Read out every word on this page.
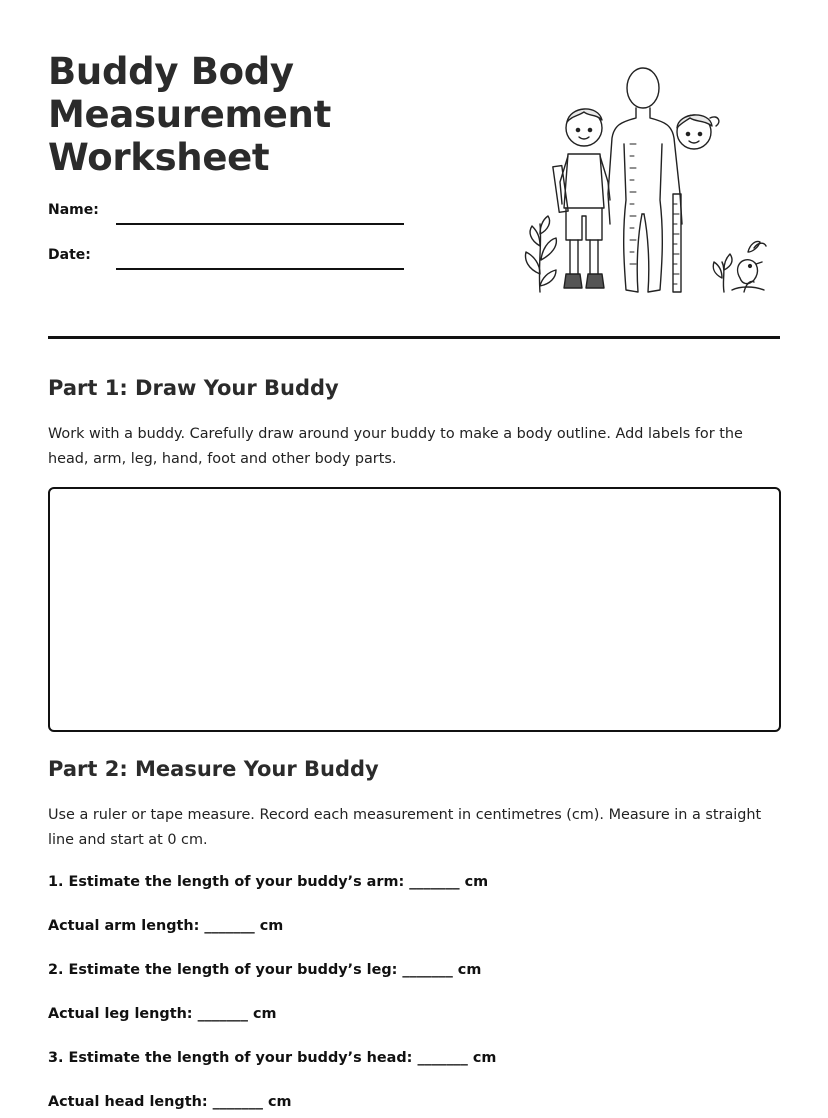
Buddy Body Measurement Worksheet
Name:
Date:
Part 1: Draw Your Buddy

Work with a buddy. Carefully draw around your buddy to make a body outline. Add labels for the head, arm, leg, hand, foot and other body parts.

Part 2: Measure Your Buddy

Use a ruler or tape measure. Record each measurement in centimetres (cm). Measure in a straight line and start at 0 cm.

1. Estimate the length of your buddy’s arm: _______ cm
Actual arm length: _______ cm
2. Estimate the length of your buddy’s leg: _______ cm
Actual leg length: _______ cm
3. Estimate the length of your buddy’s head: _______ cm
Actual head length: _______ cm
